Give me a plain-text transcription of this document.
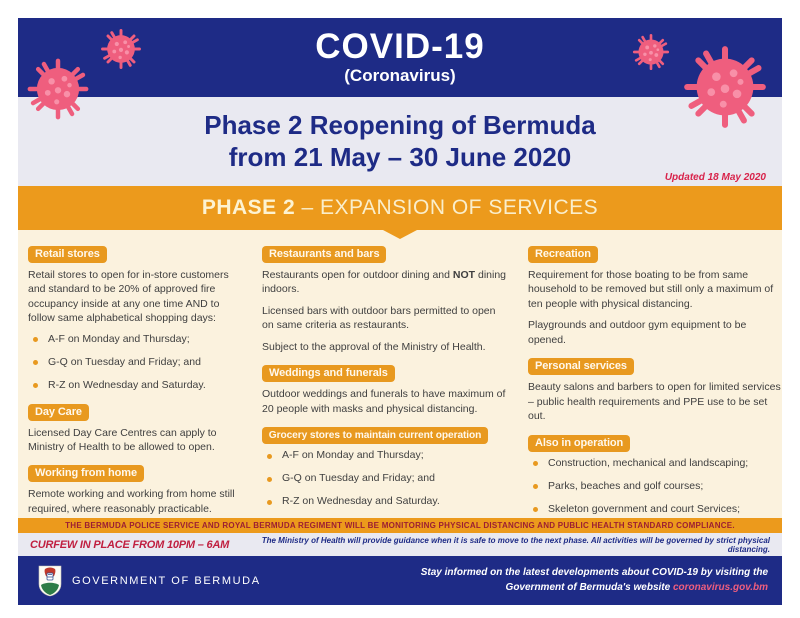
COVID-19
(Coronavirus)
Phase 2 Reopening of Bermuda
from 21 May – 30 June 2020
Updated 18 May 2020
PHASE 2 – EXPANSION OF SERVICES
Retail stores
Retail stores to open for in-store customers and standard to be 20% of approved fire occupancy inside at any one time AND to follow same alphabetical shopping days:
A-F on Monday and Thursday;
G-Q on Tuesday and Friday; and
R-Z on Wednesday and Saturday.
Day Care
Licensed Day Care Centres can apply to Ministry of Health to be allowed to open.
Working from home
Remote working and working from home still required, where reasonably practicable.
Restaurants and bars
Restaurants open for outdoor dining and NOT dining indoors.
Licensed bars with outdoor bars permitted to open on same criteria as restaurants.
Subject to the approval of the Ministry of Health.
Weddings and funerals
Outdoor weddings and funerals to have maximum of 20 people with masks and physical distancing.
Grocery stores to maintain current operation
A-F on Monday and Thursday;
G-Q on Tuesday and Friday; and
R-Z on Wednesday and Saturday.
Recreation
Requirement for those boating to be from same household to be removed but still only a maximum of ten people with physical distancing.
Playgrounds and outdoor gym equipment to be opened.
Personal services
Beauty salons and barbers to open for limited services – public health requirements and PPE use to be set out.
Also in operation
Construction, mechanical and landscaping;
Parks, beaches and golf courses;
Skeleton government and court Services;
THE BERMUDA POLICE SERVICE AND ROYAL BERMUDA REGIMENT WILL BE MONITORING PHYSICAL DISTANCING AND PUBLIC HEALTH STANDARD COMPLIANCE.
CURFEW IN PLACE FROM 10PM – 6AM	The Ministry of Health will provide guidance when it is safe to move to the next phase. All activities will be governed by strict physical distancing.
GOVERNMENT OF BERMUDA
Stay informed on the latest developments about COVID-19 by visiting the
Government of Bermuda's website coronavirus.gov.bm
